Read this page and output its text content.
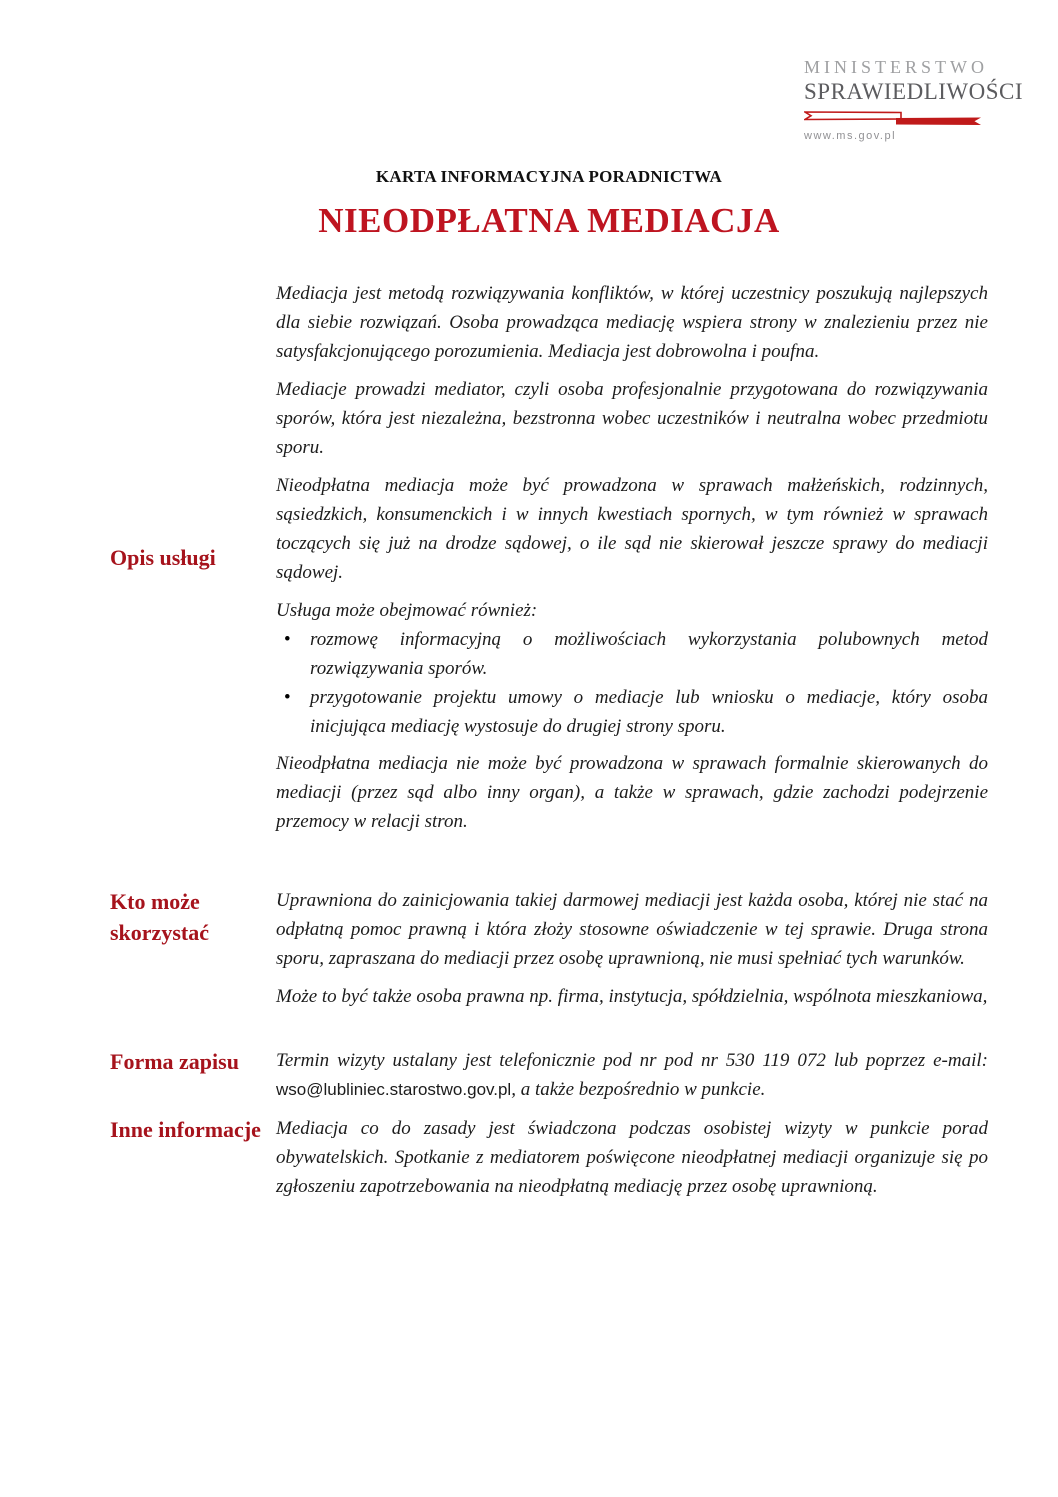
MINISTERSTWO
SPRAWIEDLIWOŚCI
www.ms.gov.pl
KARTA INFORMACYJNA PORADNICTWA
NIEODPŁATNA MEDIACJA
Opis usługi

Mediacja jest metodą rozwiązywania konfliktów, w której uczestnicy poszukują najlepszych dla siebie rozwiązań. Osoba prowadząca mediację wspiera strony w znalezieniu przez nie satysfakcjonującego porozumienia. Mediacja jest dobrowolna i poufna.

Mediacje prowadzi mediator, czyli osoba profesjonalnie przygotowana do rozwiązywania sporów, która jest niezależna, bezstronna wobec uczestników i neutralna wobec przedmiotu sporu.

Nieodpłatna mediacja może być prowadzona w sprawach małżeńskich, rodzinnych, sąsiedzkich, konsumenckich i w innych kwestiach spornych, w tym również w sprawach toczących się już na drodze sądowej, o ile sąd nie skierował jeszcze sprawy do mediacji sądowej.

Usługa może obejmować również:

• rozmowę informacyjną o możliwościach wykorzystania polubownych metod rozwiązywania sporów.
• przygotowanie projektu umowy o mediacje lub wniosku o mediacje, który osoba inicjująca mediację wystosuje do drugiej strony sporu.

Nieodpłatna mediacja nie może być prowadzona w sprawach formalnie skierowanych do mediacji (przez sąd albo inny organ), a także w sprawach, gdzie zachodzi podejrzenie przemocy w relacji stron.

Kto może skorzystać

Uprawniona do zainicjowania takiej darmowej mediacji jest każda osoba, której nie stać na odpłatną pomoc prawną i która złoży stosowne oświadczenie w tej sprawie. Druga strona sporu, zapraszana do mediacji przez osobę uprawnioną, nie musi spełniać tych warunków.

Może to być także osoba prawna np. firma, instytucja, spółdzielnia, wspólnota mieszkaniowa,

Forma zapisu	Termin wizyty ustalany jest telefonicznie pod nr pod nr 530 119 072 lub poprzez e-mail: wso@lubliniec.starostwo.gov.pl, a także bezpośrednio w punkcie.

Inne informacje Mediacja co do zasady jest świadczona podczas osobistej wizyty w punkcie porad obywatelskich. Spotkanie z mediatorem poświęcone nieodpłatnej mediacji organizuje się po zgłoszeniu zapotrzebowania na nieodpłatną mediację przez osobę uprawnioną.
